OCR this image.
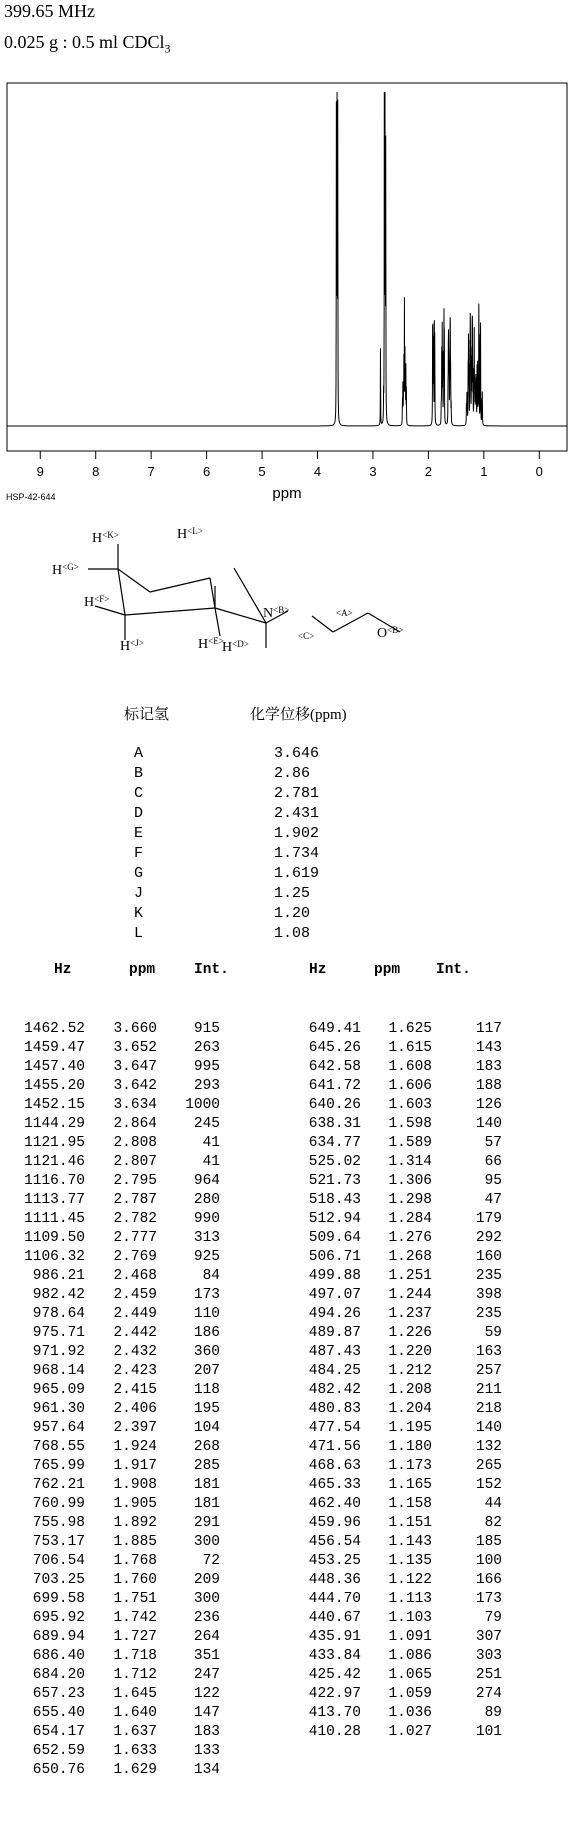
399.65 MHz
0.025 g : 0.5 ml CDCl$_3$
9	8	7	6	5	4	3	2	1	0
ppm
HSP-42-644
$H^{<K>}$	$H^{<L>}$
$H^{<G>}$
$H^{<F>}$
$N^{<B>}$
<C>
<A>
$O^{<B>}$
$H^{<E>}$
$H^{<J>}$	$H^{<D>}$
标记氢	化学位移(ppm)
A	3.646
B	2.86
C	2.781
D	2.431
E	1.902
F	1.734
G	1.619
J	1.25
K	1.20
L	1.08
Hz	ppm	Int.
1462.52 3.660	915
1459.47 3.652	263
1457.40 3.647	995
1455.20 3.642	293
1452.15 3.634 1000
1144.29 2.864	245
1121.95 2.808	41
1121.46 2.807	41
1116.70 2.795	964
1113.77 2.787	280
1111.45 2.782	990
1109.50 2.777	313
1106.32 2.769	925
986.21 2.468	84
982.42 2.459	173
978.64 2.449	110
975.71 2.442	186
971.92 2.432	360
968.14 2.423	207
965.09 2.415	118
961.30 2.406	195
957.64 2.397	104
768.55 1.924	268
765.99 1.917	285
762.21 1.908	181
760.99 1.905	181
755.98 1.892	291
753.17 1.885	300
706.54 1.768	72
703.25 1.760	209
699.58 1.751	300
695.92 1.742	236
689.94 1.727	264
686.40 1.718	351
684.20 1.712	247
657.23 1.645	122
655.40 1.640	147
654.17 1.637	183
652.59 1.633	133
650.76 1.629	134
Hz	ppm Int.
649.41 1.625	117
645.26 1.615	143
642.58 1.608	183
641.72 1.606	188
640.26 1.603	126
638.31 1.598	140
634.77 1.589	57
525.02 1.314	66
521.73 1.306	95
518.43 1.298	47
512.94 1.284	179
509.64 1.276	292
506.71 1.268	160
499.88 1.251	235
497.07 1.244	398
494.26 1.237	235
489.87 1.226	59
487.43 1.220	163
484.25 1.212	257
482.42 1.208	211
480.83 1.204	218
477.54 1.195	140
471.56 1.180	132
468.63 1.173	265
465.33 1.165	152
462.40 1.158	44
459.96 1.151	82
456.54 1.143	185
453.25 1.135	100
448.36 1.122	166
444.70 1.113	173
440.67 1.103	79
435.91 1.091	307
433.84 1.086	303
425.42 1.065	251
422.97 1.059	274
413.70 1.036	89
410.28 1.027	101
